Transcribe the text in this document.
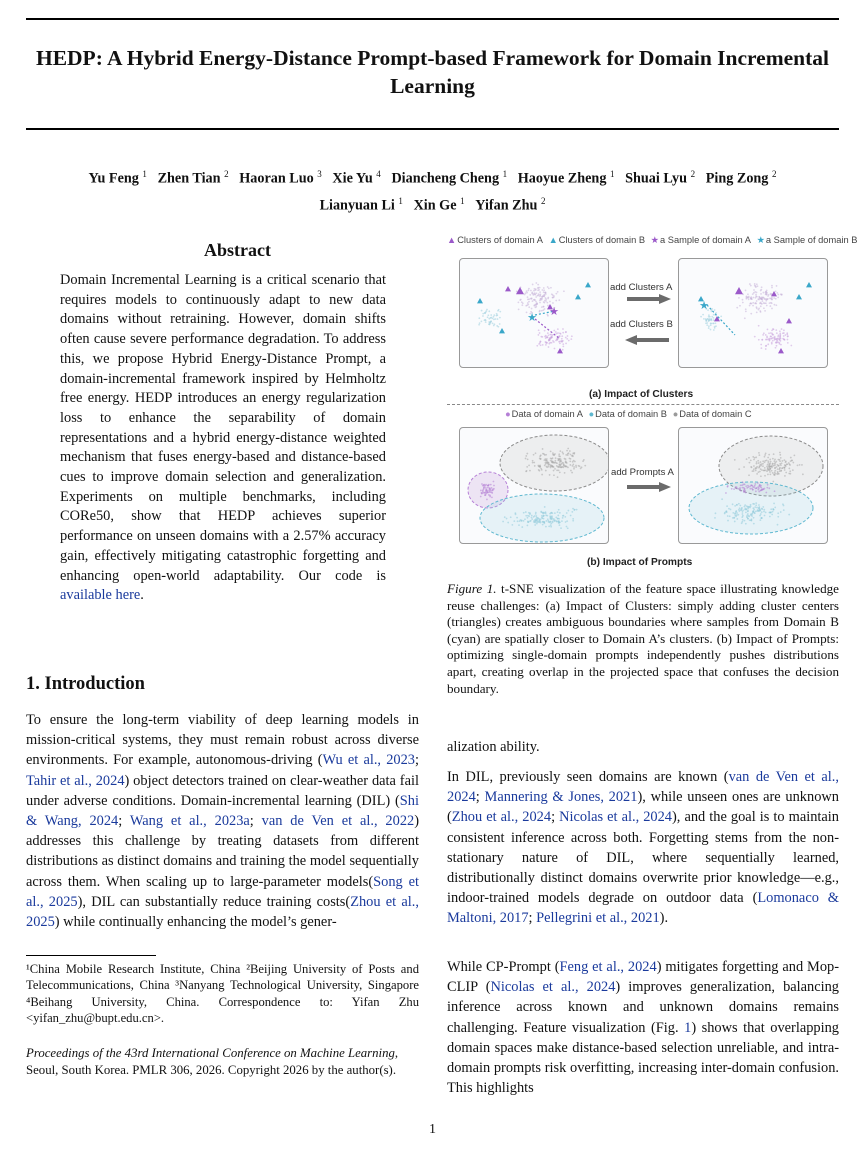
HEDP: A Hybrid Energy-Distance Prompt-based Framework for Domain Incremental Learning
Yu Feng $^1$ Zhen Tian $^2$ Haoran Luo $^3$ Xie Yu $^4$ Diancheng Cheng $^1$ Haoyue Zheng $^1$ Shuai Lyu $^2$ Ping Zong $^2$
Lianyuan Li $^1$ Xin Ge $^1$ Yifan Zhu $^2$
Abstract
Domain Incremental Learning is a critical scenario that requires models to continuously adapt to new data domains without retraining. However, domain shifts often cause severe performance degradation. To address this, we propose Hybrid Energy-Distance Prompt, a domain-incremental framework inspired by Helmholtz free energy. HEDP introduces an energy regularization loss to enhance the separability of domain representations and a hybrid energy-distance weighted mechanism that fuses energy-based and distance-based cues to improve domain selection and generalization. Experiments on multiple benchmarks, including CORe50, show that HEDP achieves superior performance on unseen domains with a 2.57% accuracy gain, effectively mitigating catastrophic forgetting and enhancing open-world adaptability. Our code is available here.
1. Introduction
To ensure the long-term viability of deep learning models in mission-critical systems, they must remain robust across diverse environments. For example, autonomous-driving (Wu et al., 2023; Tahir et al., 2024) object detectors trained on clear-weather data fail under adverse conditions. Domain-incremental learning (DIL) (Shi & Wang, 2024; Wang et al., 2023a; van de Ven et al., 2022) addresses this challenge by treating datasets from different distributions as distinct domains and training the model sequentially across them. When scaling up to large-parameter models(Song et al., 2025), DIL can substantially reduce training costs(Zhou et al., 2025) while continually enhancing the model’s gener-
¹China Mobile Research Institute, China ²Beijing University of Posts and Telecommunications, China ³Nanyang Technological University, Singapore ⁴Beihang University, China. Correspondence to: Yifan Zhu <yifan_zhu@bupt.edu.cn>.
Proceedings of the 43rd International Conference on Machine Learning, Seoul, South Korea. PMLR 306, 2026. Copyright 2026 by the author(s).
1
▲Clusters of domain A ▲Clusters of domain B ★a Sample of domain A ★a Sample of domain B
★ ★
add Clusters A
add Clusters B
★
(a) Impact of Clusters
●Data of domain A ●Data of domain B ●Data of domain C
add Prompts A
(b) Impact of Prompts
Figure 1. t-SNE visualization of the feature space illustrating knowledge reuse challenges: (a) Impact of Clusters: simply adding cluster centers (triangles) creates ambiguous boundaries where samples from Domain B (cyan) are spatially closer to Domain A’s clusters. (b) Impact of Prompts: optimizing single-domain prompts independently pushes distributions apart, creating overlap in the projected space that confuses the decision boundary.
alization ability.
In DIL, previously seen domains are known (van de Ven et al., 2024; Mannering & Jones, 2021), while unseen ones are unknown (Zhou et al., 2024; Nicolas et al., 2024), and the goal is to maintain consistent inference across both. Forgetting stems from the non-stationary nature of DIL, where sequentially learned, distributionally distinct domains overwrite prior knowledge—e.g., indoor-trained models degrade on outdoor data (Lomonaco & Maltoni, 2017; Pellegrini et al., 2021).
While CP-Prompt (Feng et al., 2024) mitigates forgetting and Mop-CLIP (Nicolas et al., 2024) improves generalization, balancing inference across known and unknown domains remains challenging. Feature visualization (Fig. 1) shows that overlapping domain spaces make distance-based selection unreliable, and intra-domain prompts risk overfitting, increasing inter-domain confusion. This highlights
